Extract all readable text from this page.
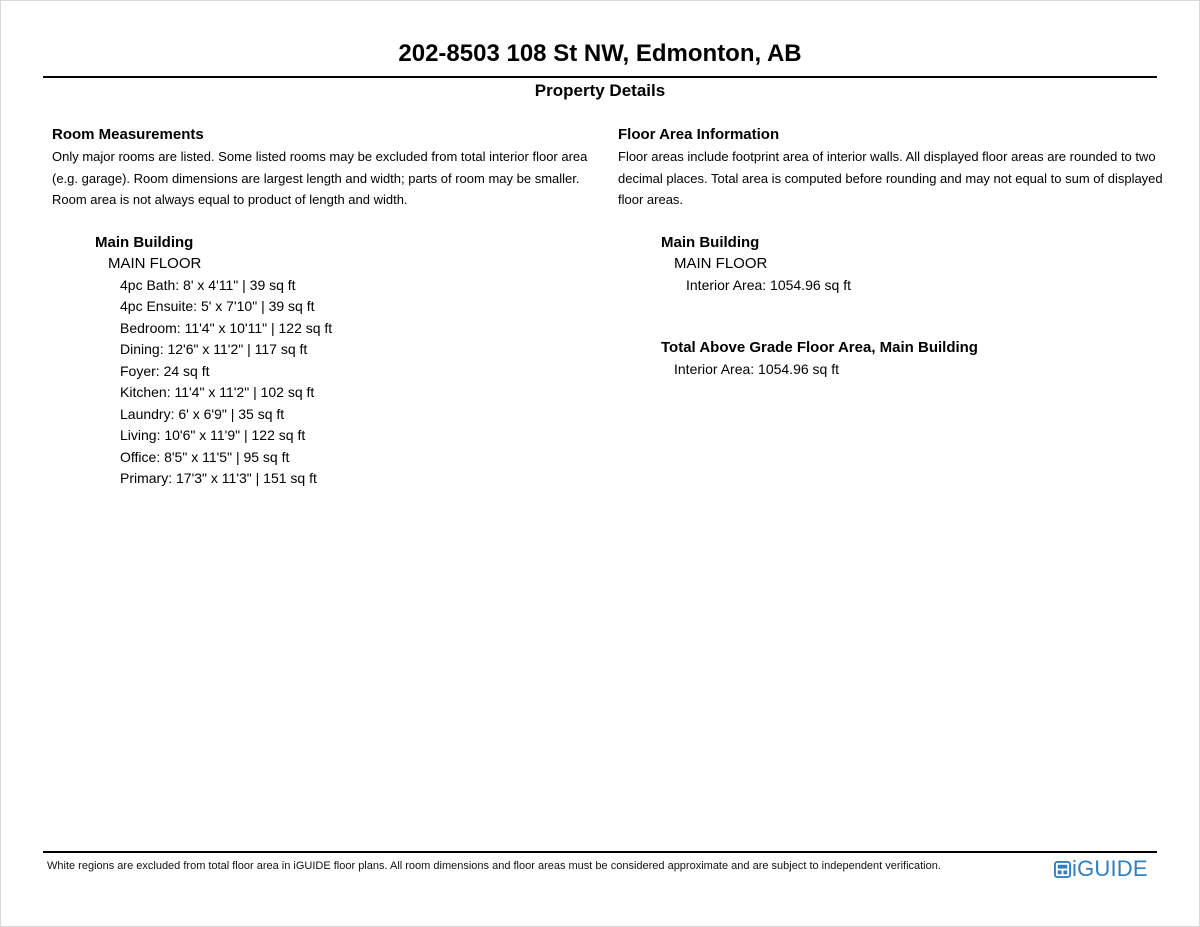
202-8503 108 St NW, Edmonton, AB
Property Details
Room Measurements
Only major rooms are listed. Some listed rooms may be excluded from total interior floor area (e.g. garage). Room dimensions are largest length and width; parts of room may be smaller. Room area is not always equal to product of length and width.
Main Building
MAIN FLOOR
4pc Bath: 8' x 4'11" | 39 sq ft
4pc Ensuite: 5' x 7'10" | 39 sq ft
Bedroom: 11'4" x 10'11" | 122 sq ft
Dining: 12'6" x 11'2" | 117 sq ft
Foyer: 24 sq ft
Kitchen: 11'4" x 11'2" | 102 sq ft
Laundry: 6' x 6'9" | 35 sq ft
Living: 10'6" x 11'9" | 122 sq ft
Office: 8'5" x 11'5" | 95 sq ft
Primary: 17'3" x 11'3" | 151 sq ft
Floor Area Information
Floor areas include footprint area of interior walls. All displayed floor areas are rounded to two decimal places. Total area is computed before rounding and may not equal to sum of displayed floor areas.
Main Building
MAIN FLOOR
Interior Area: 1054.96 sq ft
Total Above Grade Floor Area, Main Building
Interior Area: 1054.96 sq ft
White regions are excluded from total floor area in iGUIDE floor plans. All room dimensions and floor areas must be considered approximate and are subject to independent verification.	iGUIDE
